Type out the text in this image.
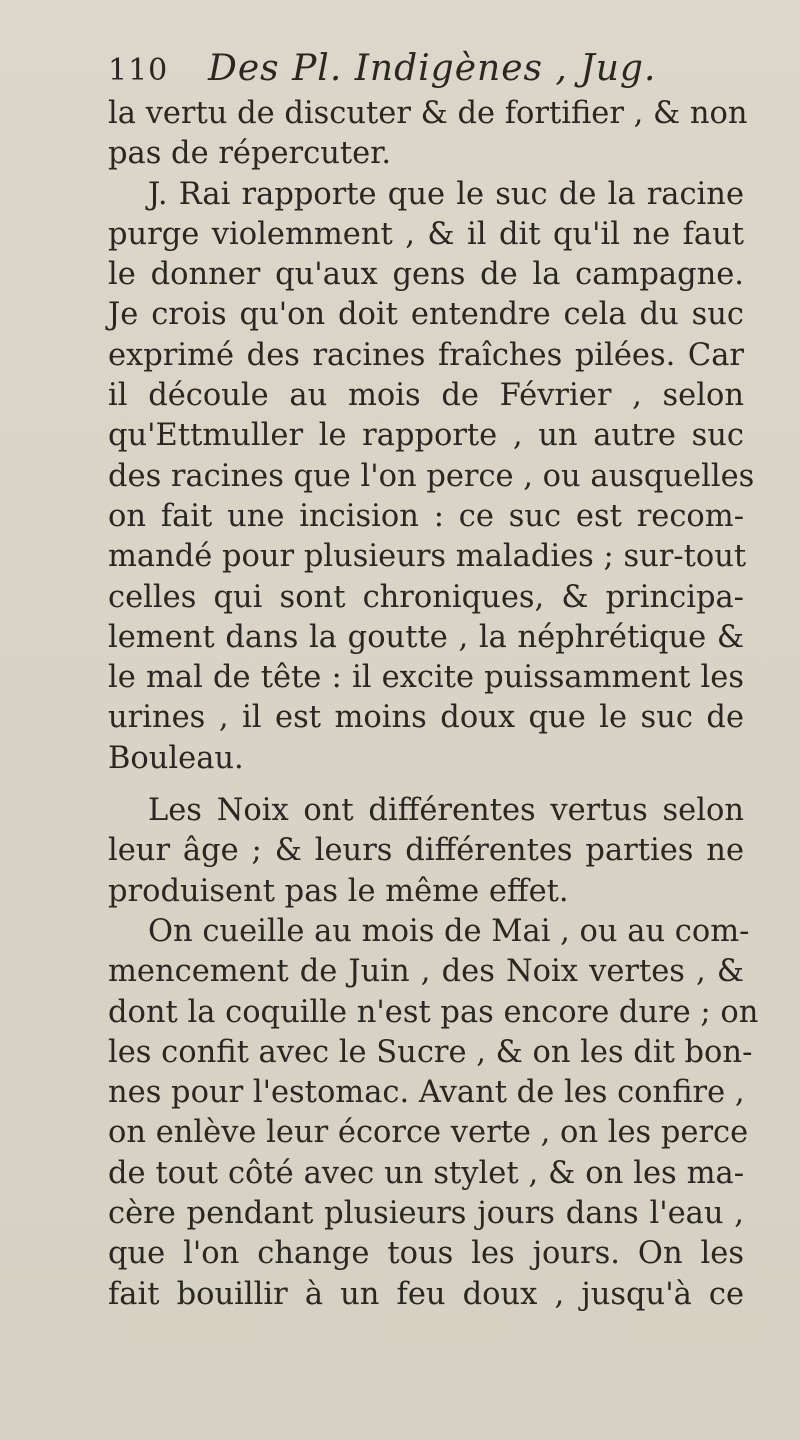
110	Des Pl. Indigènes , Jug.
la vertu de discuter & de fortifier , & non
pas de répercuter.
J. Rai rapporte que le suc de la racine
purge violemment , & il dit qu'il ne faut
le donner qu'aux gens de la campagne.
Je crois qu'on doit entendre cela du suc
exprimé des racines fraîches pilées. Car
il découle au mois de Février , selon
qu'Ettmuller le rapporte , un autre suc
des racines que l'on perce , ou ausquelles
on fait une incision : ce suc est recom-
mandé pour plusieurs maladies ; sur-tout
celles qui sont chroniques, & principa-
lement dans la goutte , la néphrétique &
le mal de tête : il excite puissamment les
urines , il est moins doux que le suc de
Bouleau.
Les Noix ont différentes vertus selon
leur âge ; & leurs différentes parties ne
produisent pas le même effet.
On cueille au mois de Mai , ou au com-
mencement de Juin , des Noix vertes , &
dont la coquille n'est pas encore dure ; on
les confit avec le Sucre , & on les dit bon-
nes pour l'estomac. Avant de les confire ,
on enlève leur écorce verte , on les perce
de tout côté avec un stylet , & on les ma-
cère pendant plusieurs jours dans l'eau ,
que l'on change tous les jours. On les
fait bouillir à un feu doux , jusqu'à ce
